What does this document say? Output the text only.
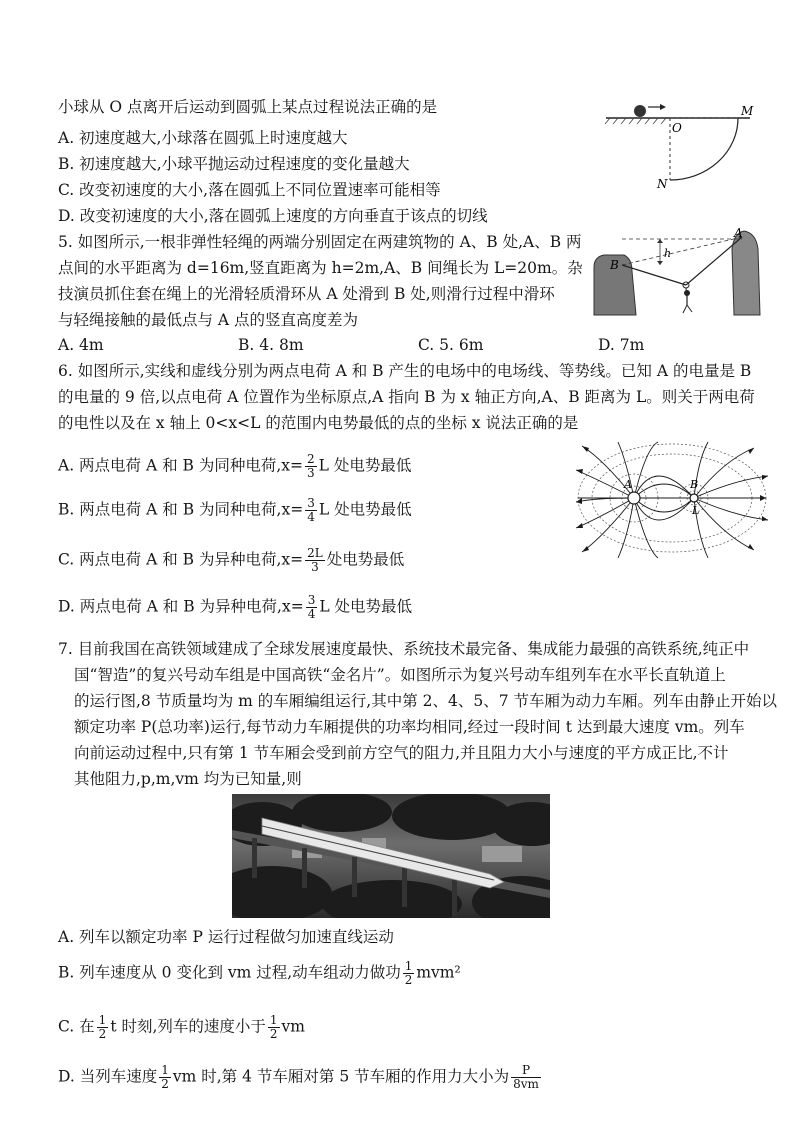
小球从 O 点离开后运动到圆弧上某点过程说法正确的是
A. 初速度越大,小球落在圆弧上时速度越大
B. 初速度越大,小球平抛运动过程速度的变化量越大
C. 改变初速度的大小,落在圆弧上不同位置速率可能相等
D. 改变初速度的大小,落在圆弧上速度的方向垂直于该点的切线
O
M
N
5. 如图所示,一根非弹性轻绳的两端分别固定在两建筑物的 A、B 处,A、B 两
点间的水平距离为 d=16m,竖直距离为 h=2m,A、B 间绳长为 L=20m。杂
技演员抓住套在绳上的光滑轻质滑环从 A 处滑到 B 处,则滑行过程中滑环
与轻绳接触的最低点与 A 点的竖直高度差为
A. 4m	B. 4. 8m	C. 5. 6m	D. 7m
A
B
h
6. 如图所示,实线和虚线分别为两点电荷 A 和 B 产生的电场中的电场线、等势线。已知 A 的电量是 B
的电量的 9 倍,以点电荷 A 位置作为坐标原点,A 指向 B 为 x 轴正方向,A、B 距离为 L。则关于两电荷
的电性以及在 x 轴上 0<x<L 的范围内电势最低的点的坐标 x 说法正确的是
A. 两点电荷 A 和 B 为同种电荷$,x= \frac{2}{3}$ L 处电势最低
B. 两点电荷 A 和 B 为同种电荷$,x= \frac{3}{4}$ L 处电势最低
C. 两点电荷 A 和 B 为异种电荷$,x= \frac{2L}{3}$ 处电势最低
D. 两点电荷 A 和 B 为异种电荷$,x= \frac{3}{4}$ L 处电势最低
A	B
L
7. 目前我国在高铁领域建成了全球发展速度最快、系统技术最完备、集成能力最强的高铁系统,纯正中
国“智造”的复兴号动车组是中国高铁“金名片”。如图所示为复兴号动车组列车在水平长直轨道上
的运行图,8 节质量均为 m 的车厢编组运行,其中第 2、4、5、7 节车厢为动力车厢。列车由静止开始以
额定功率 P(总功率)运行,每节动力车厢提供的功率均相同,经过一段时间 t 达到最大速度 vm。列车
向前运动过程中,只有第 1 节车厢会受到前方空气的阻力,并且阻力大小与速度的平方成正比,不计
其他阻力,p,m,vm 均为已知量,则
A. 列车以额定功率 P 运行过程做匀加速直线运动
B. 列车速度从 0 变化到 vm 过程,动车组动力做功 $\frac{1}{2} mvm^2$
C. 在 $\frac{1}{2}$ t 时刻,列车的速度小于 $\frac{1}{2}$ vm
D. 当列车速度 $\frac{1}{2}$ vm 时,第 4 节车厢对第 5 节车厢的作用力大小为 $\frac{P}{8vm}$
